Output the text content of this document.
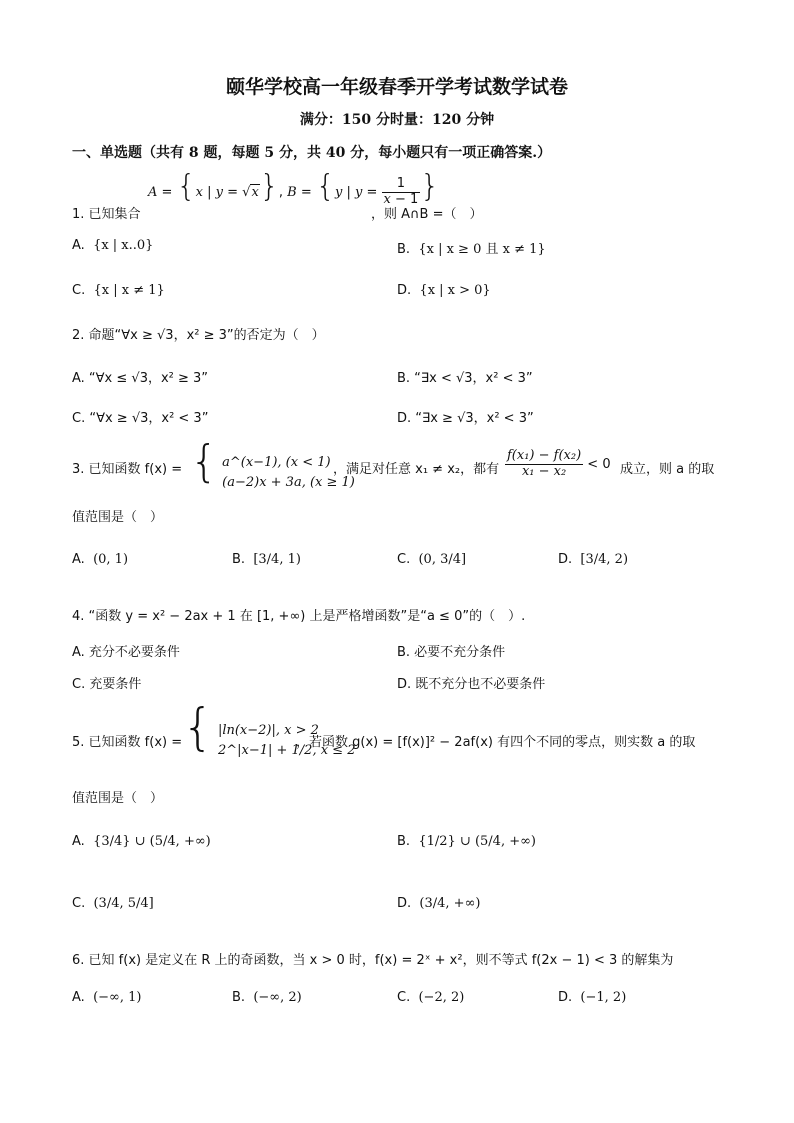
颐华学校高一年级春季开学考试数学试卷
满分：150 分时量：120 分钟
一、单选题（共有 8 题，每题 5 分，共 40 分，每小题只有一项正确答案.）
1. 已知集合
A = {x | y = √x}, B = {y | $y = \frac{1}{x - 1}$ }
，则 A∩B =（　）
A.  {x | x..0}	B.  {x | x ≥ 0 且 x ≠ 1}
C.  {x | x ≠ 1}	D.  {x | x > 0}
2. 命题“∀x ≥ √3，x² ≥ 3”的否定为（　）
A. “∀x ≤ √3，x² ≥ 3”	B. “∃x < √3，x² < 3”
C. “∀x ≥ √3，x² < 3”	D. “∃x ≥ √3，x² < 3”
3. 已知函数 f(x) = { a^(x−1), (x < 1)
(a−2)x + 3a, (x ≥ 1)
，满足对任意 x₁ ≠ x₂，都有 $\frac{\text{f(x₁) − f(x₂)}}{\text{x₁ − x₂}} < 0$ 成立，则 a 的取
值范围是（　）
A.  (0, 1)	B.  [3/4, 1)	C.  (0, 3/4]	D.  [3/4, 2)
4. “函数 y = x² − 2ax + 1 在 [1, +∞) 上是严格增函数”是“a ≤ 0”的（　）.
A. 充分不必要条件	B. 必要不充分条件
C. 充要条件	D. 既不充分也不必要条件
5. 已知函数 f(x) = { |ln(x−2)|, x > 2
2^|x−1| + 1/2, x ≤ 2
，若函数 g(x) = [f(x)]² − 2af(x) 有四个不同的零点，则实数 a 的取
值范围是（　）
A.  {3/4} ∪ (5/4, +∞)	B.  {1/2} ∪ (5/4, +∞)
C.  (3/4, 5/4]	D.  (3/4, +∞)
6. 已知 f(x) 是定义在 R 上的奇函数，当 x > 0 时，f(x) = 2ˣ + x²，则不等式 f(2x − 1) < 3 的解集为
A.  (−∞, 1)	B.  (−∞, 2)	C.  (−2, 2)	D.  (−1, 2)
